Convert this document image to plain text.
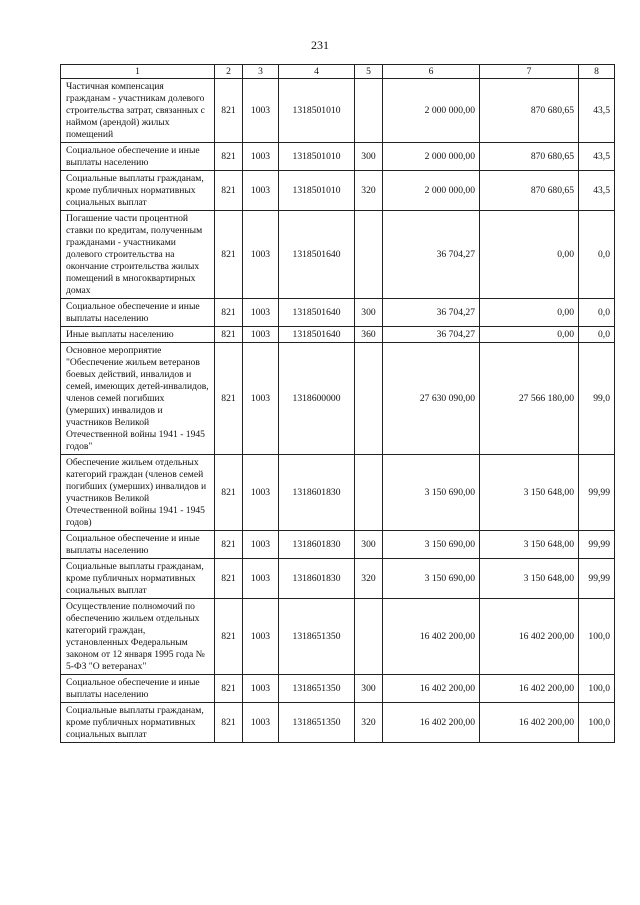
231
1	2	3	4	5	6	7	8
Частичная компенсация гражданам - участникам долевого строительства затрат, связанных с наймом (арендой) жилых помещений	821	1003	1318501010		2 000 000,00	870 680,65	43,5
Социальное обеспечение и иные выплаты населению	821	1003	1318501010	300	2 000 000,00	870 680,65	43,5
Социальные выплаты гражданам, кроме публичных нормативных социальных выплат	821	1003	1318501010	320	2 000 000,00	870 680,65	43,5
Погашение части процентной ставки по кредитам, полученным гражданами - участниками долевого строительства на окончание строительства жилых помещений в многоквартирных домах	821	1003	1318501640		36 704,27	0,00	0,0
Социальное обеспечение и иные выплаты населению	821	1003	1318501640	300	36 704,27	0,00	0,0
Иные выплаты населению	821	1003	1318501640	360	36 704,27	0,00	0,0
Основное мероприятие "Обеспечение жильем ветеранов боевых действий, инвалидов и семей, имеющих детей-инвалидов, членов семей погибших (умерших) инвалидов и участников Великой Отечественной войны 1941 - 1945 годов"	821	1003	1318600000		27 630 090,00	27 566 180,00	99,0
Обеспечение жильем отдельных категорий граждан (членов семей погибших (умерших) инвалидов и участников Великой Отечественной войны 1941 - 1945 годов)	821	1003	1318601830		3 150 690,00	3 150 648,00	99,99
Социальное обеспечение и иные выплаты населению	821	1003	1318601830	300	3 150 690,00	3 150 648,00	99,99
Социальные выплаты гражданам, кроме публичных нормативных социальных выплат	821	1003	1318601830	320	3 150 690,00	3 150 648,00	99,99
Осуществление полномочий по обеспечению жильем отдельных категорий граждан, установленных Федеральным законом от 12 января 1995 года № 5-ФЗ "О ветеранах"	821	1003	1318651350		16 402 200,00	16 402 200,00	100,0
Социальное обеспечение и иные выплаты населению	821	1003	1318651350	300	16 402 200,00	16 402 200,00	100,0
Социальные выплаты гражданам, кроме публичных нормативных социальных выплат	821	1003	1318651350	320	16 402 200,00	16 402 200,00	100,0
